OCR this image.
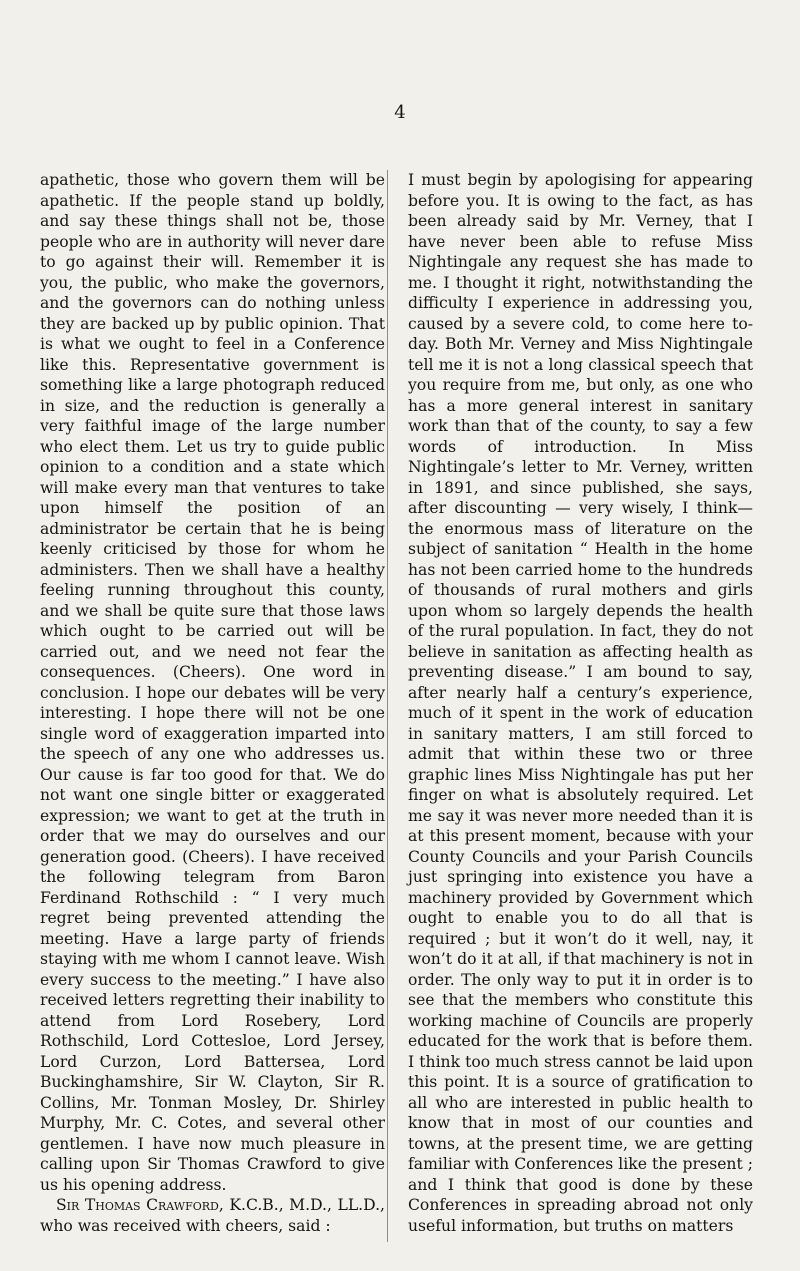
4

apathetic, those who govern them will be apathetic. If the people stand up boldly, and say these things shall not be, those people who are in authority will never dare to go against their will. Remember it is you, the public, who make the governors, and the governors can do nothing unless they are backed up by public opinion. That is what we ought to feel in a Conference like this. Representative government is something like a large photograph reduced in size, and the reduction is generally a very faithful image of the large number who elect them. Let us try to guide public opinion to a condition and a state which will make every man that ventures to take upon himself the position of an administrator be certain that he is being keenly criticised by those for whom he administers. Then we shall have a healthy feeling running throughout this county, and we shall be quite sure that those laws which ought to be carried out will be carried out, and we need not fear the consequences. (Cheers). One word in conclusion. I hope our debates will be very interesting. I hope there will not be one single word of exaggeration imparted into the speech of any one who addresses us. Our cause is far too good for that. We do not want one single bitter or exaggerated expression; we want to get at the truth in order that we may do ourselves and our generation good. (Cheers). I have received the following telegram from Baron Ferdinand Rothschild : “ I very much regret being prevented attending the meeting. Have a large party of friends staying with me whom I cannot leave. Wish every success to the meeting.” I have also received letters regretting their inability to attend from Lord Rosebery, Lord Rothschild, Lord Cottesloe, Lord Jersey, Lord Curzon, Lord Battersea, Lord Buckinghamshire, Sir W. Clayton, Sir R. Collins, Mr. Tonman Mosley, Dr. Shirley Murphy, Mr. C. Cotes, and several other gentlemen. I have now much pleasure in calling upon Sir Thomas Crawford to give us his opening address.

Sir Thomas Crawford, K.C.B., M.D., LL.D., who was received with cheers, said :

I must begin by apologising for appearing before you. It is owing to the fact, as has been already said by Mr. Verney, that I have never been able to refuse Miss Nightingale any request she has made to me. I thought it right, notwithstanding the difficulty I experience in addressing you, caused by a severe cold, to come here to-day. Both Mr. Verney and Miss Nightingale tell me it is not a long classical speech that you require from me, but only, as one who has a more general interest in sanitary work than that of the county, to say a few words of introduction. In Miss Nightingale’s letter to Mr. Verney, written in 1891, and since published, she says, after discounting — very wisely, I think—the enormous mass of literature on the subject of sanitation “ Health in the home has not been carried home to the hundreds of thousands of rural mothers and girls upon whom so largely depends the health of the rural population. In fact, they do not believe in sanitation as affecting health as preventing disease.” I am bound to say, after nearly half a century’s experience, much of it spent in the work of education in sanitary matters, I am still forced to admit that within these two or three graphic lines Miss Nightingale has put her finger on what is absolutely required. Let me say it was never more needed than it is at this present moment, because with your County Councils and your Parish Councils just springing into existence you have a machinery provided by Government which ought to enable you to do all that is required ; but it won’t do it well, nay, it won’t do it at all, if that machinery is not in order. The only way to put it in order is to see that the members who constitute this working machine of Councils are properly educated for the work that is before them. I think too much stress cannot be laid upon this point. It is a source of gratification to all who are interested in public health to know that in most of our counties and towns, at the present time, we are getting familiar with Conferences like the present ; and I think that good is done by these Conferences in spreading abroad not only useful information, but truths on matters
